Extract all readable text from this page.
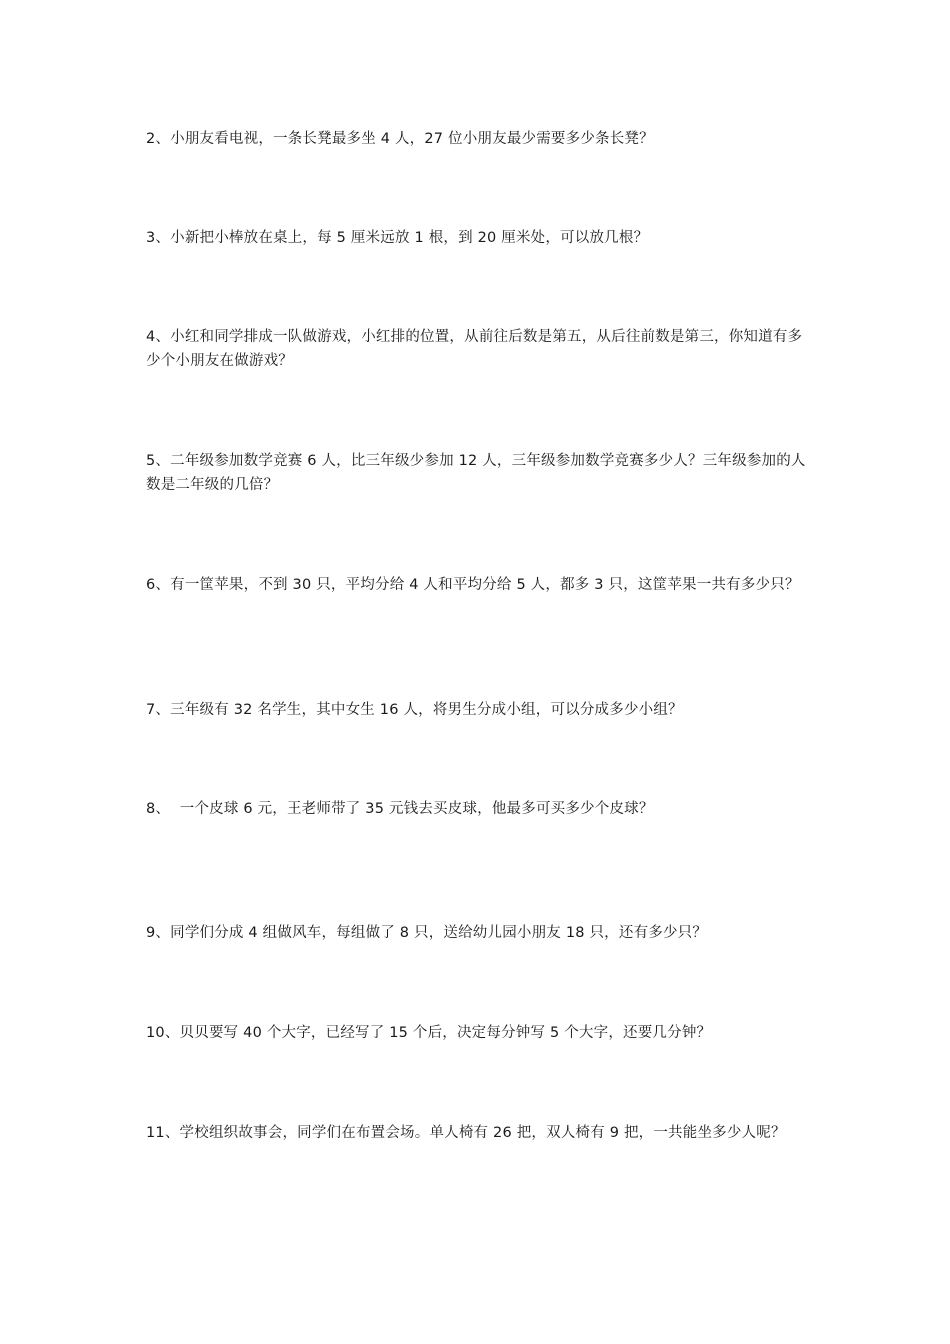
2、小朋友看电视，一条长凳最多坐 4 人，27 位小朋友最少需要多少条长凳？

3、小新把小棒放在桌上，每 5 厘米远放 1 根，到 20 厘米处，可以放几根？

4、小红和同学排成一队做游戏，小红排的位置，从前往后数是第五，从后往前数是第三，你知道有多少个小朋友在做游戏？

5、二年级参加数学竞赛 6 人，比三年级少参加 12 人，三年级参加数学竞赛多少人？三年级参加的人数是二年级的几倍？

6、有一筐苹果，不到 30 只，平均分给 4 人和平均分给 5 人，都多 3 只，这筐苹果一共有多少只？

7、三年级有 32 名学生，其中女生 16 人，将男生分成小组，可以分成多少小组？

8、  一个皮球 6 元，王老师带了 35 元钱去买皮球，他最多可买多少个皮球？

9、同学们分成 4 组做风车，每组做了 8 只，送给幼儿园小朋友 18 只，还有多少只？

10、贝贝要写 40 个大字，已经写了 15 个后，决定每分钟写 5 个大字，还要几分钟？

11、学校组织故事会，同学们在布置会场。单人椅有 26 把，双人椅有 9 把，一共能坐多少人呢？
